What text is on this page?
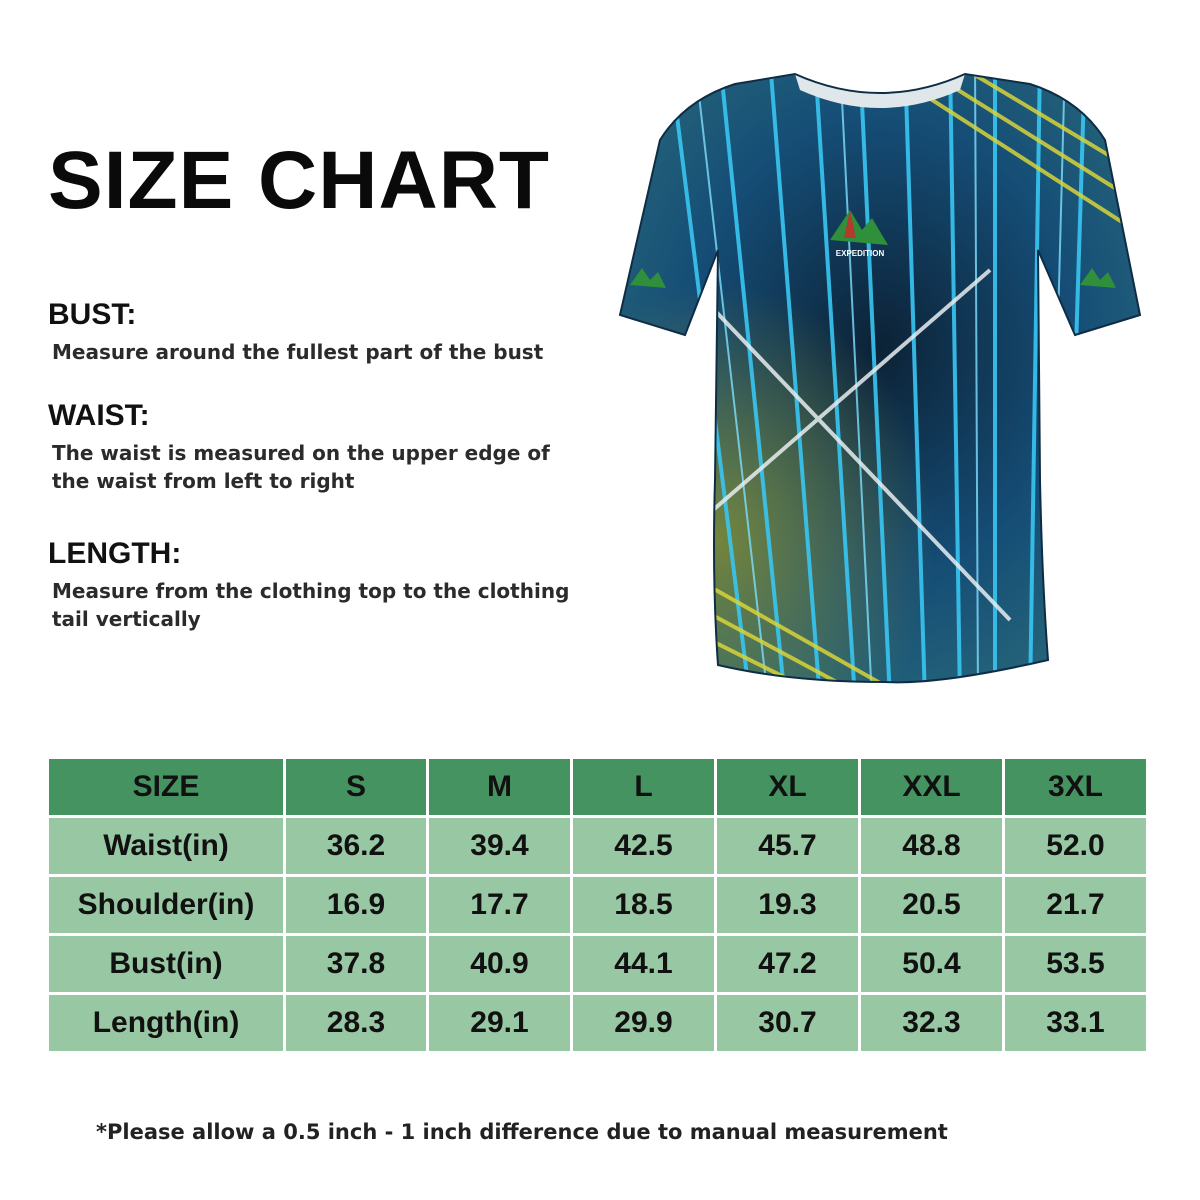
SIZE CHART
BUST:
Measure around the fullest part of the bust
WAIST:
The waist is measured on the upper edge of
the waist from left to right
LENGTH:
Measure from the clothing top to the clothing
tail vertically
EXPEDITION
SIZE	S	M	L	XL	XXL	3XL
Waist(in)	36.2	39.4	42.5	45.7	48.8	52.0
Shoulder(in)	16.9	17.7	18.5	19.3	20.5	21.7
Bust(in)	37.8	40.9	44.1	47.2	50.4	53.5
Length(in)	28.3	29.1	29.9	30.7	32.3	33.1
*Please allow a 0.5 inch - 1 inch difference due to manual measurement
